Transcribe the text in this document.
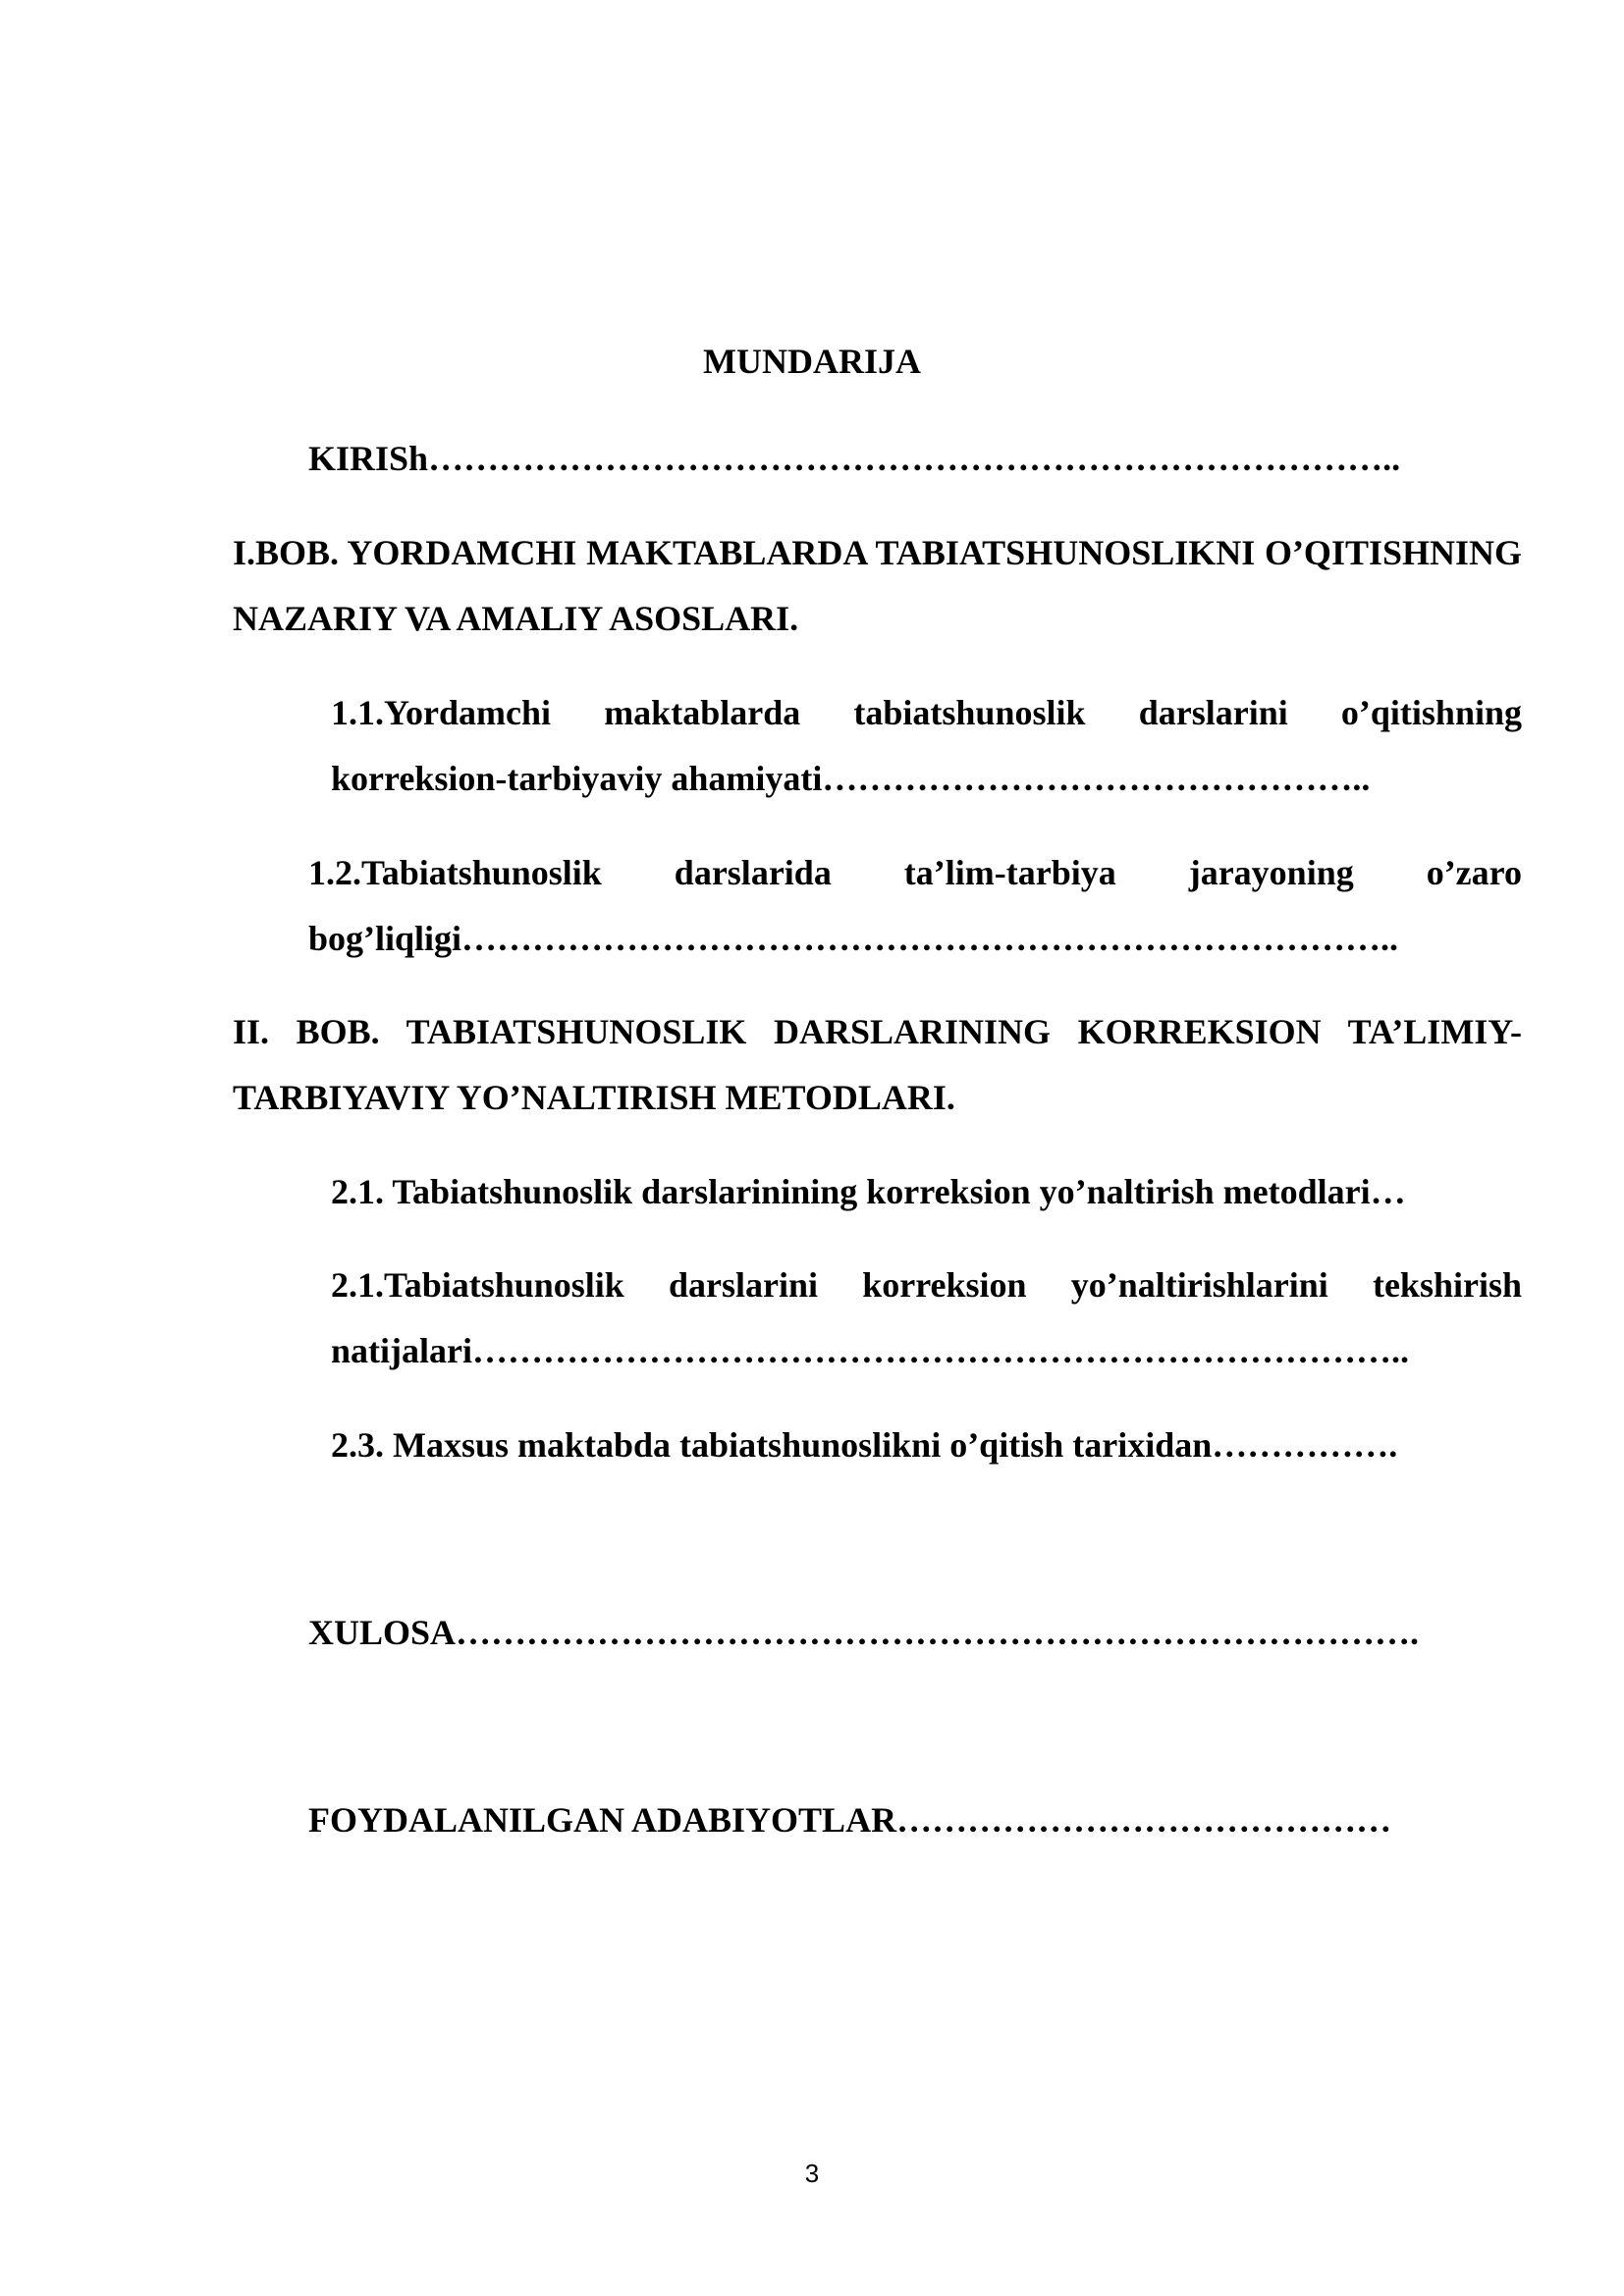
MUNDARIJA

KIRISh………………………………………………………………………..

I.BOB. YORDAMCHI MAKTABLARDA TABIATSHUNOSLIKNI O’QITISHNING NAZARIY VA AMALIY ASOSLARI.

1.1.Yordamchi maktablarda tabiatshunoslik darslarini o’qitishning korreksion-tarbiyaviy ahamiyati………………………………………..

1.2.Tabiatshunoslik darslarida ta’lim-tarbiya jarayoning o’zaro bog’liqligi……………………………………………………………………..

II. BOB. TABIATSHUNOSLIK DARSLARINING KORREKSION TA’LIMIY-TARBIYAVIY YO’NALTIRISH METODLARI.

2.1. Tabiatshunoslik darslarinining korreksion yo’naltirish metodlari…

2.1.Tabiatshunoslik darslarini korreksion yo’naltirishlarini tekshirish natijalari……………………………………………………………………..

2.3. Maxsus maktabda tabiatshunoslikni o’qitish tarixidan…………….

XULOSA……………………………………………………………………….

FOYDALANILGAN ADABIYOTLAR……………………………………

3
